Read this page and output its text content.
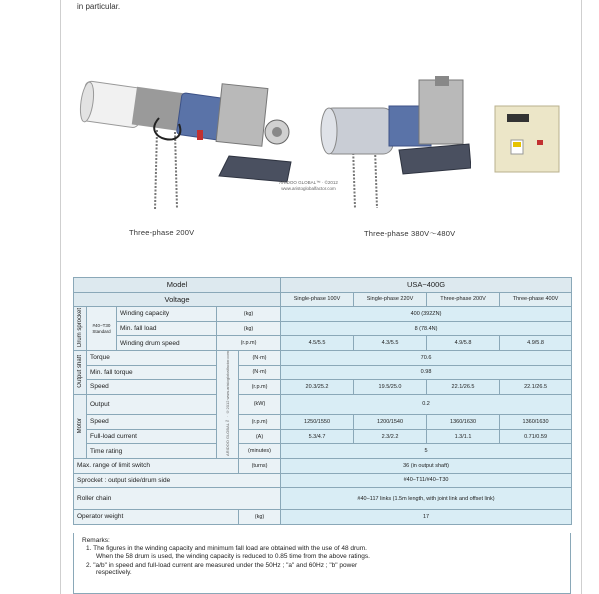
in particular.
ARIDOO GLOBAL™ · ©2012
www.aristoglobalfactor.com
Three-phase 200V	Three-phase 380V～480V
Model					USA−400G			
Voltage					Single-phase 100V	Single-phase 220V	Three-phase 200V	Three-phase 400V
Drum sprocket	#40−T30
Standard	Winding capacity	(kg)		400 (392ZN)			
		Min. fall load	(kg)		8 (78.4N)			
		Winding drum speed	(r.p.m)		4.5/5.5	4.3/5.5	4.9/5.8	4.9/5.8
Output shaft	Torque		ARIDOO GLOBAL™ · ©2012 www.aristoglobalfactor.com	(N·m)	70.6			
	Min. fall torque			(N·m)	0.98			
	Speed			(r.p.m)	20.3/25.2	19.5/25.0	22.1/26.5	22.1/26.5
Motor	Output			(kW)	0.2			
	Speed			(r.p.m)	1250/1550	1200/1540	1360/1630	1360/1630
	Full-load current			(A)	5.3/4.7	2.3/2.2	1.3/1.1	0.71/0.59
	Time rating			(minutes)	5			
Max. range of limit switch				(turns)	36 (in output shaft)			
Sprocket : output side/drum side					#40−T11/#40−T30			
Roller chain					#40−117 links (1.5m length, with joint link and offset link)			
Operator weight				(kg)	17			
Remarks:

1. The figures in the winding capacity and minimum fall load are obtained with the use of 48 drum.

When the 58 drum is used, the winding capacity is reduced to 0.85 time from the above ratings.

2. "a/b" in speed and full-load current are measured under the 50Hz ; "a" and 60Hz ; "b" power

respectively.
